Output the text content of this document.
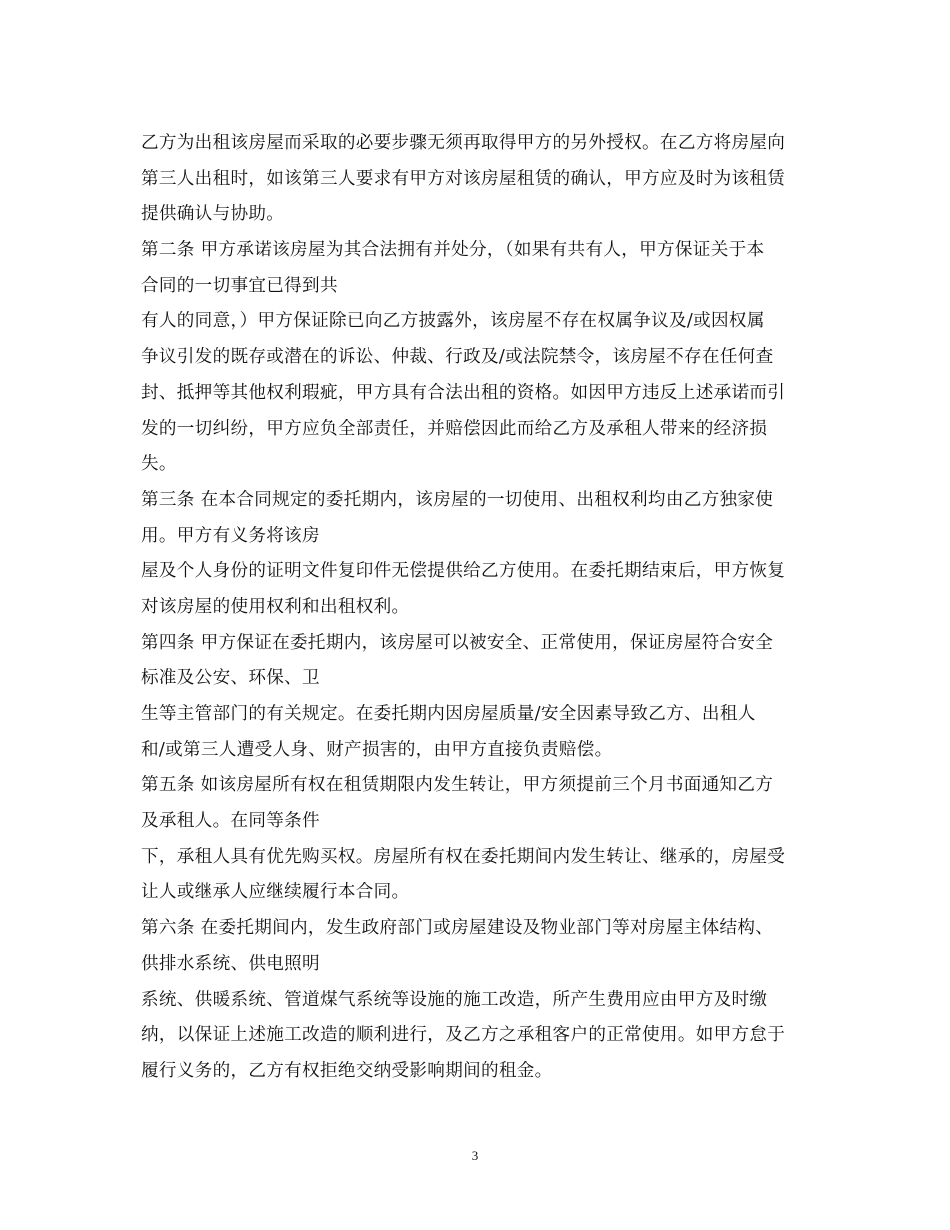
乙方为出租该房屋而采取的必要步骤无须再取得甲方的另外授权。在乙方将房屋向
第三人出租时，如该第三人要求有甲方对该房屋租赁的确认，甲方应及时为该租赁
提供确认与协助。
第二条 甲方承诺该房屋为其合法拥有并处分，（如果有共有人，甲方保证关于本
合同的一切事宜已得到共
有人的同意，）甲方保证除已向乙方披露外，该房屋不存在权属争议及/或因权属
争议引发的既存或潜在的诉讼、仲裁、行政及/或法院禁令，该房屋不存在任何查
封、抵押等其他权利瑕疵，甲方具有合法出租的资格。如因甲方违反上述承诺而引
发的一切纠纷，甲方应负全部责任，并赔偿因此而给乙方及承租人带来的经济损
失。
第三条 在本合同规定的委托期内，该房屋的一切使用、出租权利均由乙方独家使
用。甲方有义务将该房
屋及个人身份的证明文件复印件无偿提供给乙方使用。在委托期结束后，甲方恢复
对该房屋的使用权利和出租权利。
第四条 甲方保证在委托期内，该房屋可以被安全、正常使用，保证房屋符合安全
标准及公安、环保、卫
生等主管部门的有关规定。在委托期内因房屋质量/安全因素导致乙方、出租人
和/或第三人遭受人身、财产损害的，由甲方直接负责赔偿。
第五条 如该房屋所有权在租赁期限内发生转让，甲方须提前三个月书面通知乙方
及承租人。在同等条件
下，承租人具有优先购买权。房屋所有权在委托期间内发生转让、继承的，房屋受
让人或继承人应继续履行本合同。
第六条 在委托期间内，发生政府部门或房屋建设及物业部门等对房屋主体结构、
供排水系统、供电照明
系统、供暖系统、管道煤气系统等设施的施工改造，所产生费用应由甲方及时缴
纳，以保证上述施工改造的顺利进行，及乙方之承租客户的正常使用。如甲方怠于
履行义务的，乙方有权拒绝交纳受影响期间的租金。
3
